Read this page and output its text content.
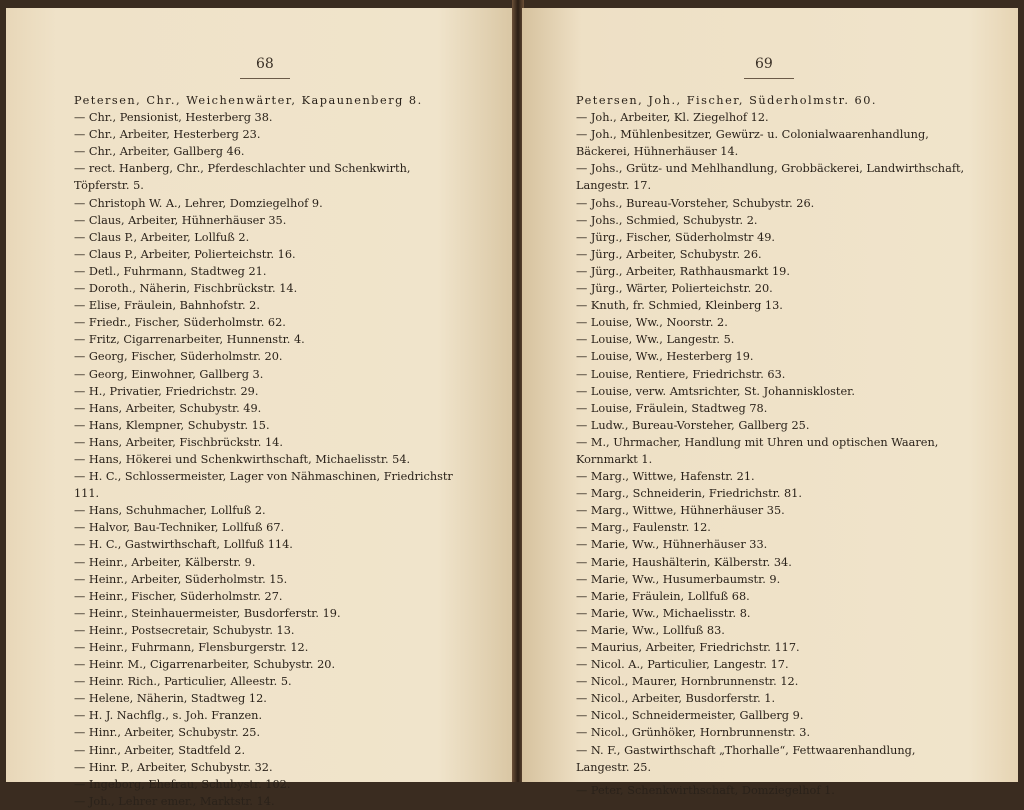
68
Petersen, Chr., Weichenwärter, Kapaunenberg 8.
— Chr., Pensionist, Hesterberg 38.
— Chr., Arbeiter, Hesterberg 23.
— Chr., Arbeiter, Gallberg 46.
— rect. Hanberg, Chr., Pferdeschlachter und Schenkwirth, Töpferstr. 5.
— Christoph W. A., Lehrer, Domziegelhof 9.
— Claus, Arbeiter, Hühnerhäuser 35.
— Claus P., Arbeiter, Lollfuß 2.
— Claus P., Arbeiter, Polierteichstr. 16.
— Detl., Fuhrmann, Stadtweg 21.
— Doroth., Näherin, Fischbrückstr. 14.
— Elise, Fräulein, Bahnhofstr. 2.
— Friedr., Fischer, Süderholmstr. 62.
— Fritz, Cigarrenarbeiter, Hunnenstr. 4.
— Georg, Fischer, Süderholmstr. 20.
— Georg, Einwohner, Gallberg 3.
— H., Privatier, Friedrichstr. 29.
— Hans, Arbeiter, Schubystr. 49.
— Hans, Klempner, Schubystr. 15.
— Hans, Arbeiter, Fischbrückstr. 14.
— Hans, Hökerei und Schenkwirthschaft, Michaelisstr. 54.
— H. C., Schlossermeister, Lager von Nähmaschinen, Friedrichstr 111.
— Hans, Schuhmacher, Lollfuß 2.
— Halvor, Bau-Techniker, Lollfuß 67.
— H. C., Gastwirthschaft, Lollfuß 114.
— Heinr., Arbeiter, Kälberstr. 9.
— Heinr., Arbeiter, Süderholmstr. 15.
— Heinr., Fischer, Süderholmstr. 27.
— Heinr., Steinhauermeister, Busdorferstr. 19.
— Heinr., Postsecretair, Schubystr. 13.
— Heinr., Fuhrmann, Flensburgerstr. 12.
— Heinr. M., Cigarrenarbeiter, Schubystr. 20.
— Heinr. Rich., Particulier, Alleestr. 5.
— Helene, Näherin, Stadtweg 12.
— H. J. Nachflg., s. Joh. Franzen.
— Hinr., Arbeiter, Schubystr. 25.
— Hinr., Arbeiter, Stadtfeld 2.
— Hinr. P., Arbeiter, Schubystr. 32.
— Ingeborg, Ehefrau, Schubystr. 102.
— Joh., Lehrer emer., Marktstr. 14.
69
Petersen, Joh., Fischer, Süderholmstr. 60.
— Joh., Arbeiter, Kl. Ziegelhof 12.
— Joh., Mühlenbesitzer, Gewürz- u. Colonialwaarenhandlung, Bäckerei, Hühnerhäuser 14.
— Johs., Grütz- und Mehlhandlung, Grobbäckerei, Landwirthschaft, Langestr. 17.
— Johs., Bureau-Vorsteher, Schubystr. 26.
— Johs., Schmied, Schubystr. 2.
— Jürg., Fischer, Süderholmstr 49.
— Jürg., Arbeiter, Schubystr. 26.
— Jürg., Arbeiter, Rathhausmarkt 19.
— Jürg., Wärter, Polierteichstr. 20.
— Knuth, fr. Schmied, Kleinberg 13.
— Louise, Ww., Noorstr. 2.
— Louise, Ww., Langestr. 5.
— Louise, Ww., Hesterberg 19.
— Louise, Rentiere, Friedrichstr. 63.
— Louise, verw. Amtsrichter, St. Johanniskloster.
— Louise, Fräulein, Stadtweg 78.
— Ludw., Bureau-Vorsteher, Gallberg 25.
— M., Uhrmacher, Handlung mit Uhren und optischen Waaren, Kornmarkt 1.
— Marg., Wittwe, Hafenstr. 21.
— Marg., Schneiderin, Friedrichstr. 81.
— Marg., Wittwe, Hühnerhäuser 35.
— Marg., Faulenstr. 12.
— Marie, Ww., Hühnerhäuser 33.
— Marie, Haushälterin, Kälberstr. 34.
— Marie, Ww., Husumerbaumstr. 9.
— Marie, Fräulein, Lollfuß 68.
— Marie, Ww., Michaelisstr. 8.
— Marie, Ww., Lollfuß 83.
— Maurius, Arbeiter, Friedrichstr. 117.
— Nicol. A., Particulier, Langestr. 17.
— Nicol., Maurer, Hornbrunnenstr. 12.
— Nicol., Arbeiter, Busdorferstr. 1.
— Nicol., Schneidermeister, Gallberg 9.
— Nicol., Grünhöker, Hornbrunnenstr. 3.
— N. F., Gastwirthschaft „Thorhalle“, Fettwaarenhandlung, Langestr. 25.
— Peter, Schenkwirthschaft, Domziegelhof 1.
